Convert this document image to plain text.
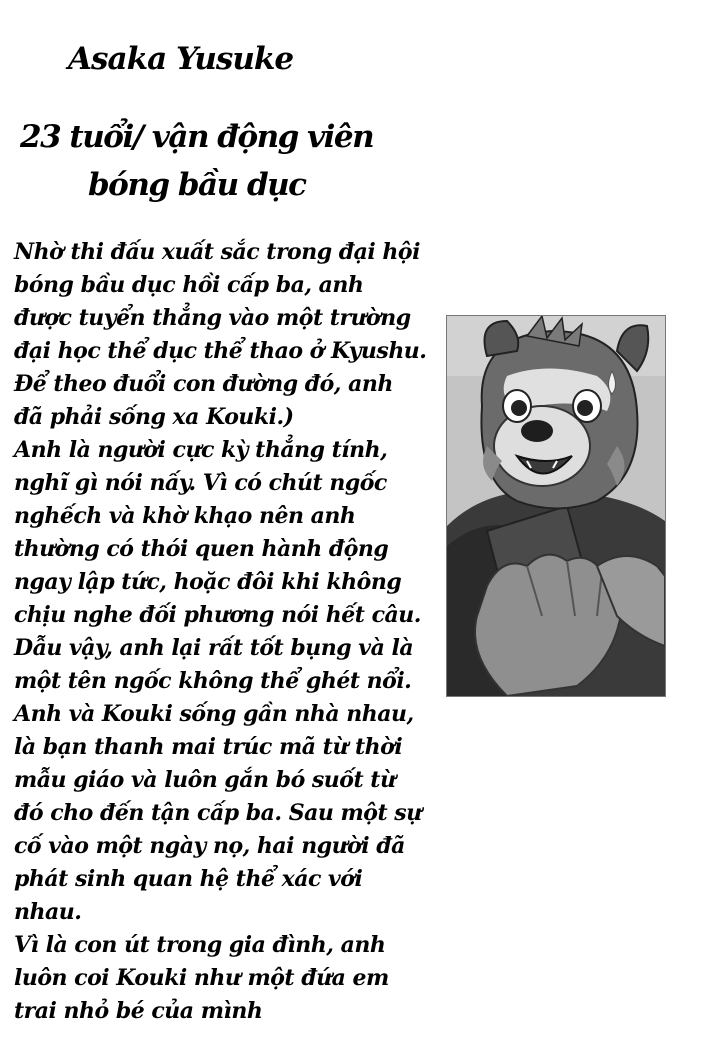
Asaka Yusuke
23 tuổi/ vận động viên
bóng bầu dục
Nhờ thi đấu xuất sắc trong đại hội
bóng bầu dục hồi cấp ba, anh
được tuyển thẳng vào một trường
đại học thể dục thể thao ở Kyushu.
Để theo đuổi con đường đó, anh
đã phải sống xa Kouki.)
Anh là người cực kỳ thẳng tính,
nghĩ gì nói nấy. Vì có chút ngốc
nghếch và khờ khạo nên anh
thường có thói quen hành động
ngay lập tức, hoặc đôi khi không
chịu nghe đối phương nói hết câu.
Dẫu vậy, anh lại rất tốt bụng và là
một tên ngốc không thể ghét nổi.
Anh và Kouki sống gần nhà nhau,
là bạn thanh mai trúc mã từ thời
mẫu giáo và luôn gắn bó suốt từ
đó cho đến tận cấp ba. Sau một sự
cố vào một ngày nọ, hai người đã
phát sinh quan hệ thể xác với
nhau.
Vì là con út trong gia đình, anh
luôn coi Kouki như một đứa em
trai nhỏ bé của mình
